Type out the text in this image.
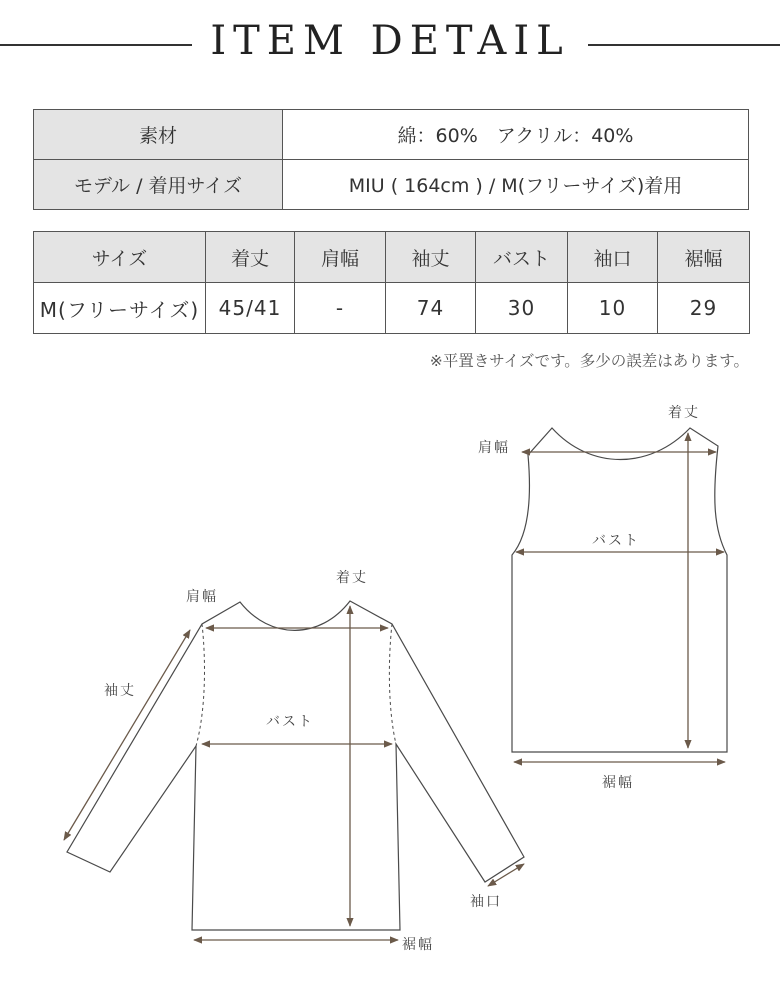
ITEM DETAIL
素材	綿：60%　アクリル：40%
モデル / 着用サイズ	MIU ( 164cm ) / M(フリーサイズ)着用
サイズ	着丈	肩幅	袖丈	バスト	袖口	裾幅
M(フリーサイズ)	45/41	-	74	30	10	29
※平置きサイズです。多少の誤差はあります。
着丈
肩幅
バスト
裾幅
着丈
肩幅
袖丈
バスト
袖口
裾幅
